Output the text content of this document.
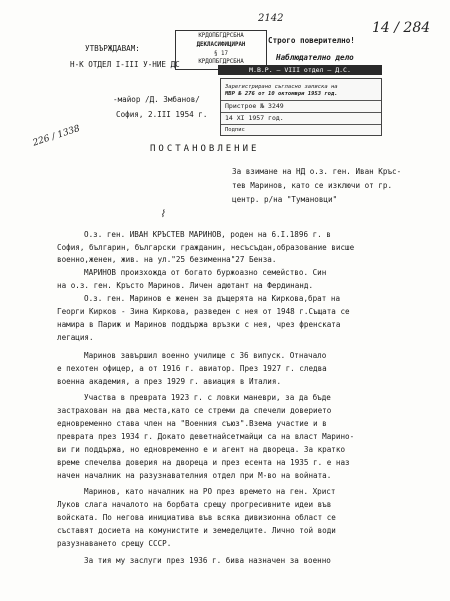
2142
14 / 284
КРДОПБГДРСБНА
ДЕКЛАСИФИЦИРАН
§ 17
КРДОПБГДРСБНА
Строго поверително!
Наблюдателно дело
УТВЪРЖДАВАМ:
Н-К ОТДЕЛ I-III У-НИЕ ДС
-майор /Д. Змбанов/
София, 2.III 1954 г.
226 / 1338
М.В.Р. — VIII отдел — Д.С.
Зарегистрирано съгласно записка на
МВР № 276 от 10 октомври 1953 год.
Пристрое № 3249
14 XI 1957 год.
Подпис
ПОСТАНОВЛЕНИЕ
За взимане на НД о.з. ген. Иван Кръс-
тев Маринов, като се изключи от гр.
центр. р/на "Тумановци"
⌇
О.з. ген. ИВАН КРЪСТЕВ МАРИНОВ, роден на 6.I.1896 г. в
София, българин, български гражданин, несъсъдан,образование висше
военно,женен, жив. на ул."25 безименна"27 Бенза.
МАРИНОВ произхожда от богато буржоазно семейство. Син
на о.з. ген. Кръсто Маринов. Личен адютант на Фердинанд.
О.з. ген. Маринов е женен за дъщерята на Киркова,брат на
Георги Кирков - Зина Киркова, разведен с нея от 1948 г.Същата се
намира в Париж и Маринов поддържа връзки с нея, чрез френската
легация.
Маринов завършил военно училище с 36 випуск. Отначало
е пехотен офицер, а от 1916 г. авиатор. През 1927 г. следва
военна академия, а през 1929 г. авиация в Италия.
Участва в превратa 1923 г. с ловки маневри, за да бъде
застрахован на два места,като се стреми да спечели доверието
едновременно става член на "Военния съюз".Взема участие и в
превратa през 1934 г. Докато деветнайсетмайци са на власт Марино-
ви ги поддържа, но едновременно е и агент на двореца. За кратко
време спечелва доверия на двореца и през есента на 1935 г. е наз
начен началник на разузнавателния отдел при М-во на войната.
Маринов, като началник на РО през времето на ген. Христ
Луков слага началото на борбата срещу прогресивните идеи във
войската. По негова инициатива във всяка дивизионна област се
съставят досиета на комунистите и земеделците. Лично той води
разузнаването срещу СССР.
За тия му заслуги през 1936 г. бива назначен за военно
